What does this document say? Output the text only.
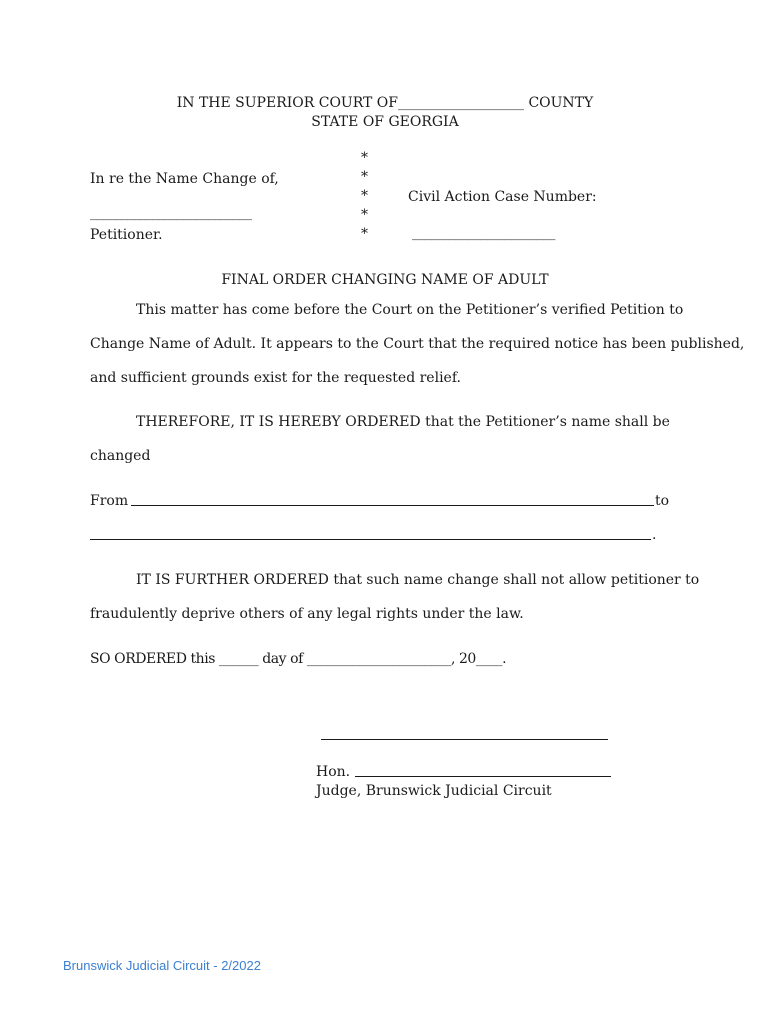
IN THE SUPERIOR COURT OF__________________ COUNTY
STATE OF GEORGIA
*
*
*
*
*
In re the Name Change of,
__________________________
Petitioner.
Civil Action Case Number:
_______________________
FINAL ORDER CHANGING NAME OF ADULT
This matter has come before the Court on the Petitioner’s verified Petition to
Change Name of Adult. It appears to the Court that the required notice has been published,
and sufficient grounds exist for the requested relief.
THEREFORE, IT IS HEREBY ORDERED that the Petitioner’s name shall be
changed
From	to
.
IT IS FURTHER ORDERED that such name change shall not allow petitioner to
fraudulently deprive others of any legal rights under the law.
SO ORDERED this ______ day of ______________________, 20____.
Hon.
Judge, Brunswick Judicial Circuit
Brunswick Judicial Circuit - 2/2022
